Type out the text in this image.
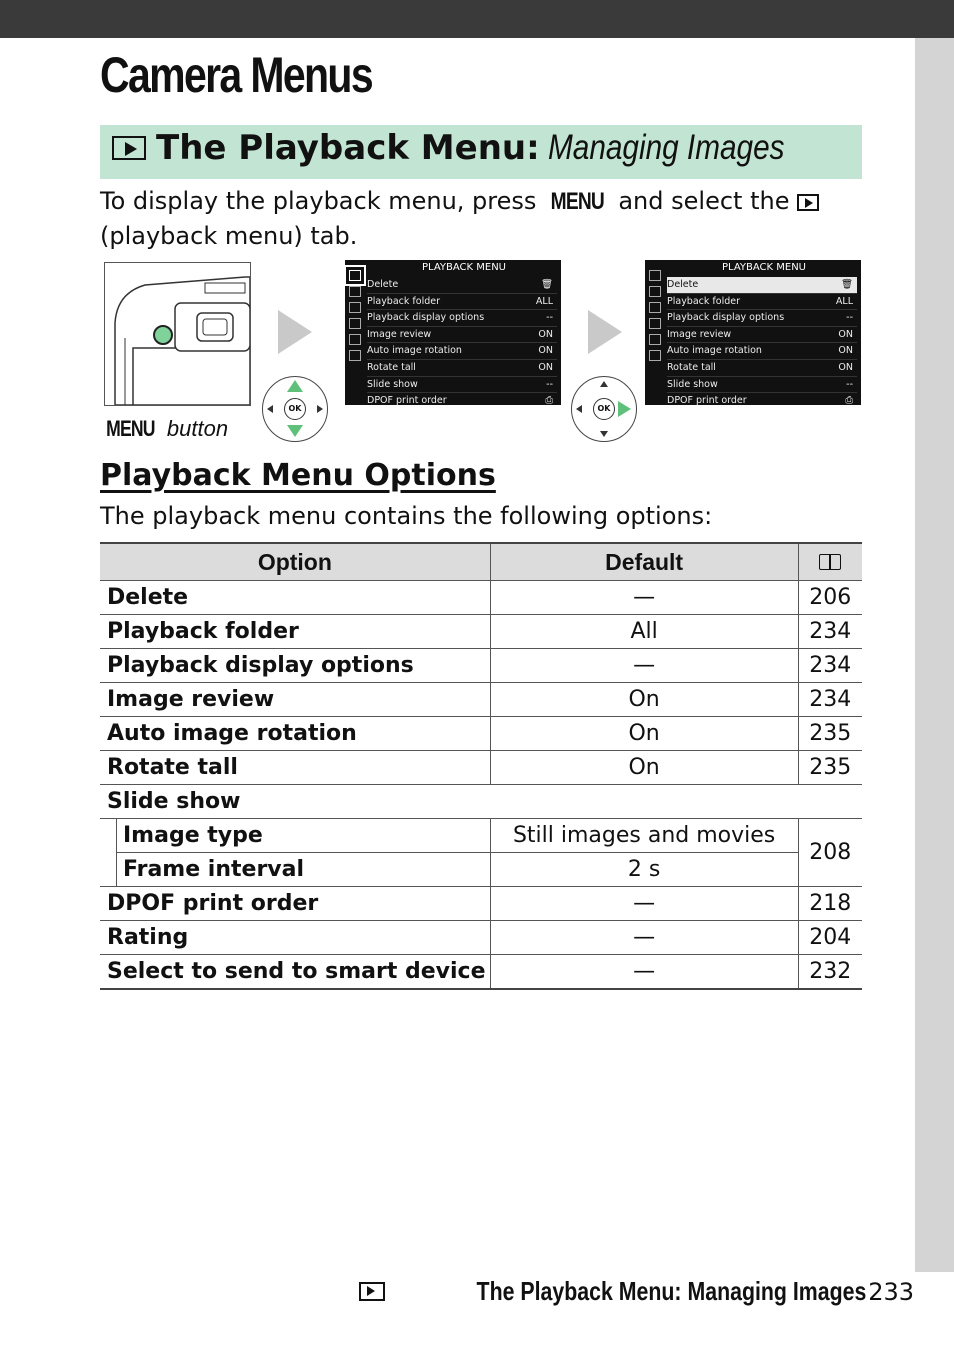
Camera Menus
The Playback Menu: Managing Images
To display the playback menu, press MENU and select the  (playback menu) tab.
MENU button
OK
PLAYBACK MENU
Delete	🗑
Playback folder	ALL
Playback display options	--
Image review	ON
Auto image rotation	ON
Rotate tall	ON
Slide show	--
DPOF print order	⎙
OK
PLAYBACK MENU
Delete	🗑
Playback folder	ALL
Playback display options	--
Image review	ON
Auto image rotation	ON
Rotate tall	ON
Slide show	--
DPOF print order	⎙
Playback Menu Options
The playback menu contains the following options:
Option		Default	
Delete		—	206
Playback folder		All	234
Playback display options		—	234
Image review		On	234
Auto image rotation		On	235
Rotate tall		On	235
Slide show			
	Image type	Still images and movies	208
	Frame interval	2 s	
DPOF print order		—	218
Rating		—	204
Select to send to smart device		—	232
The Playback Menu: Managing Images 233
